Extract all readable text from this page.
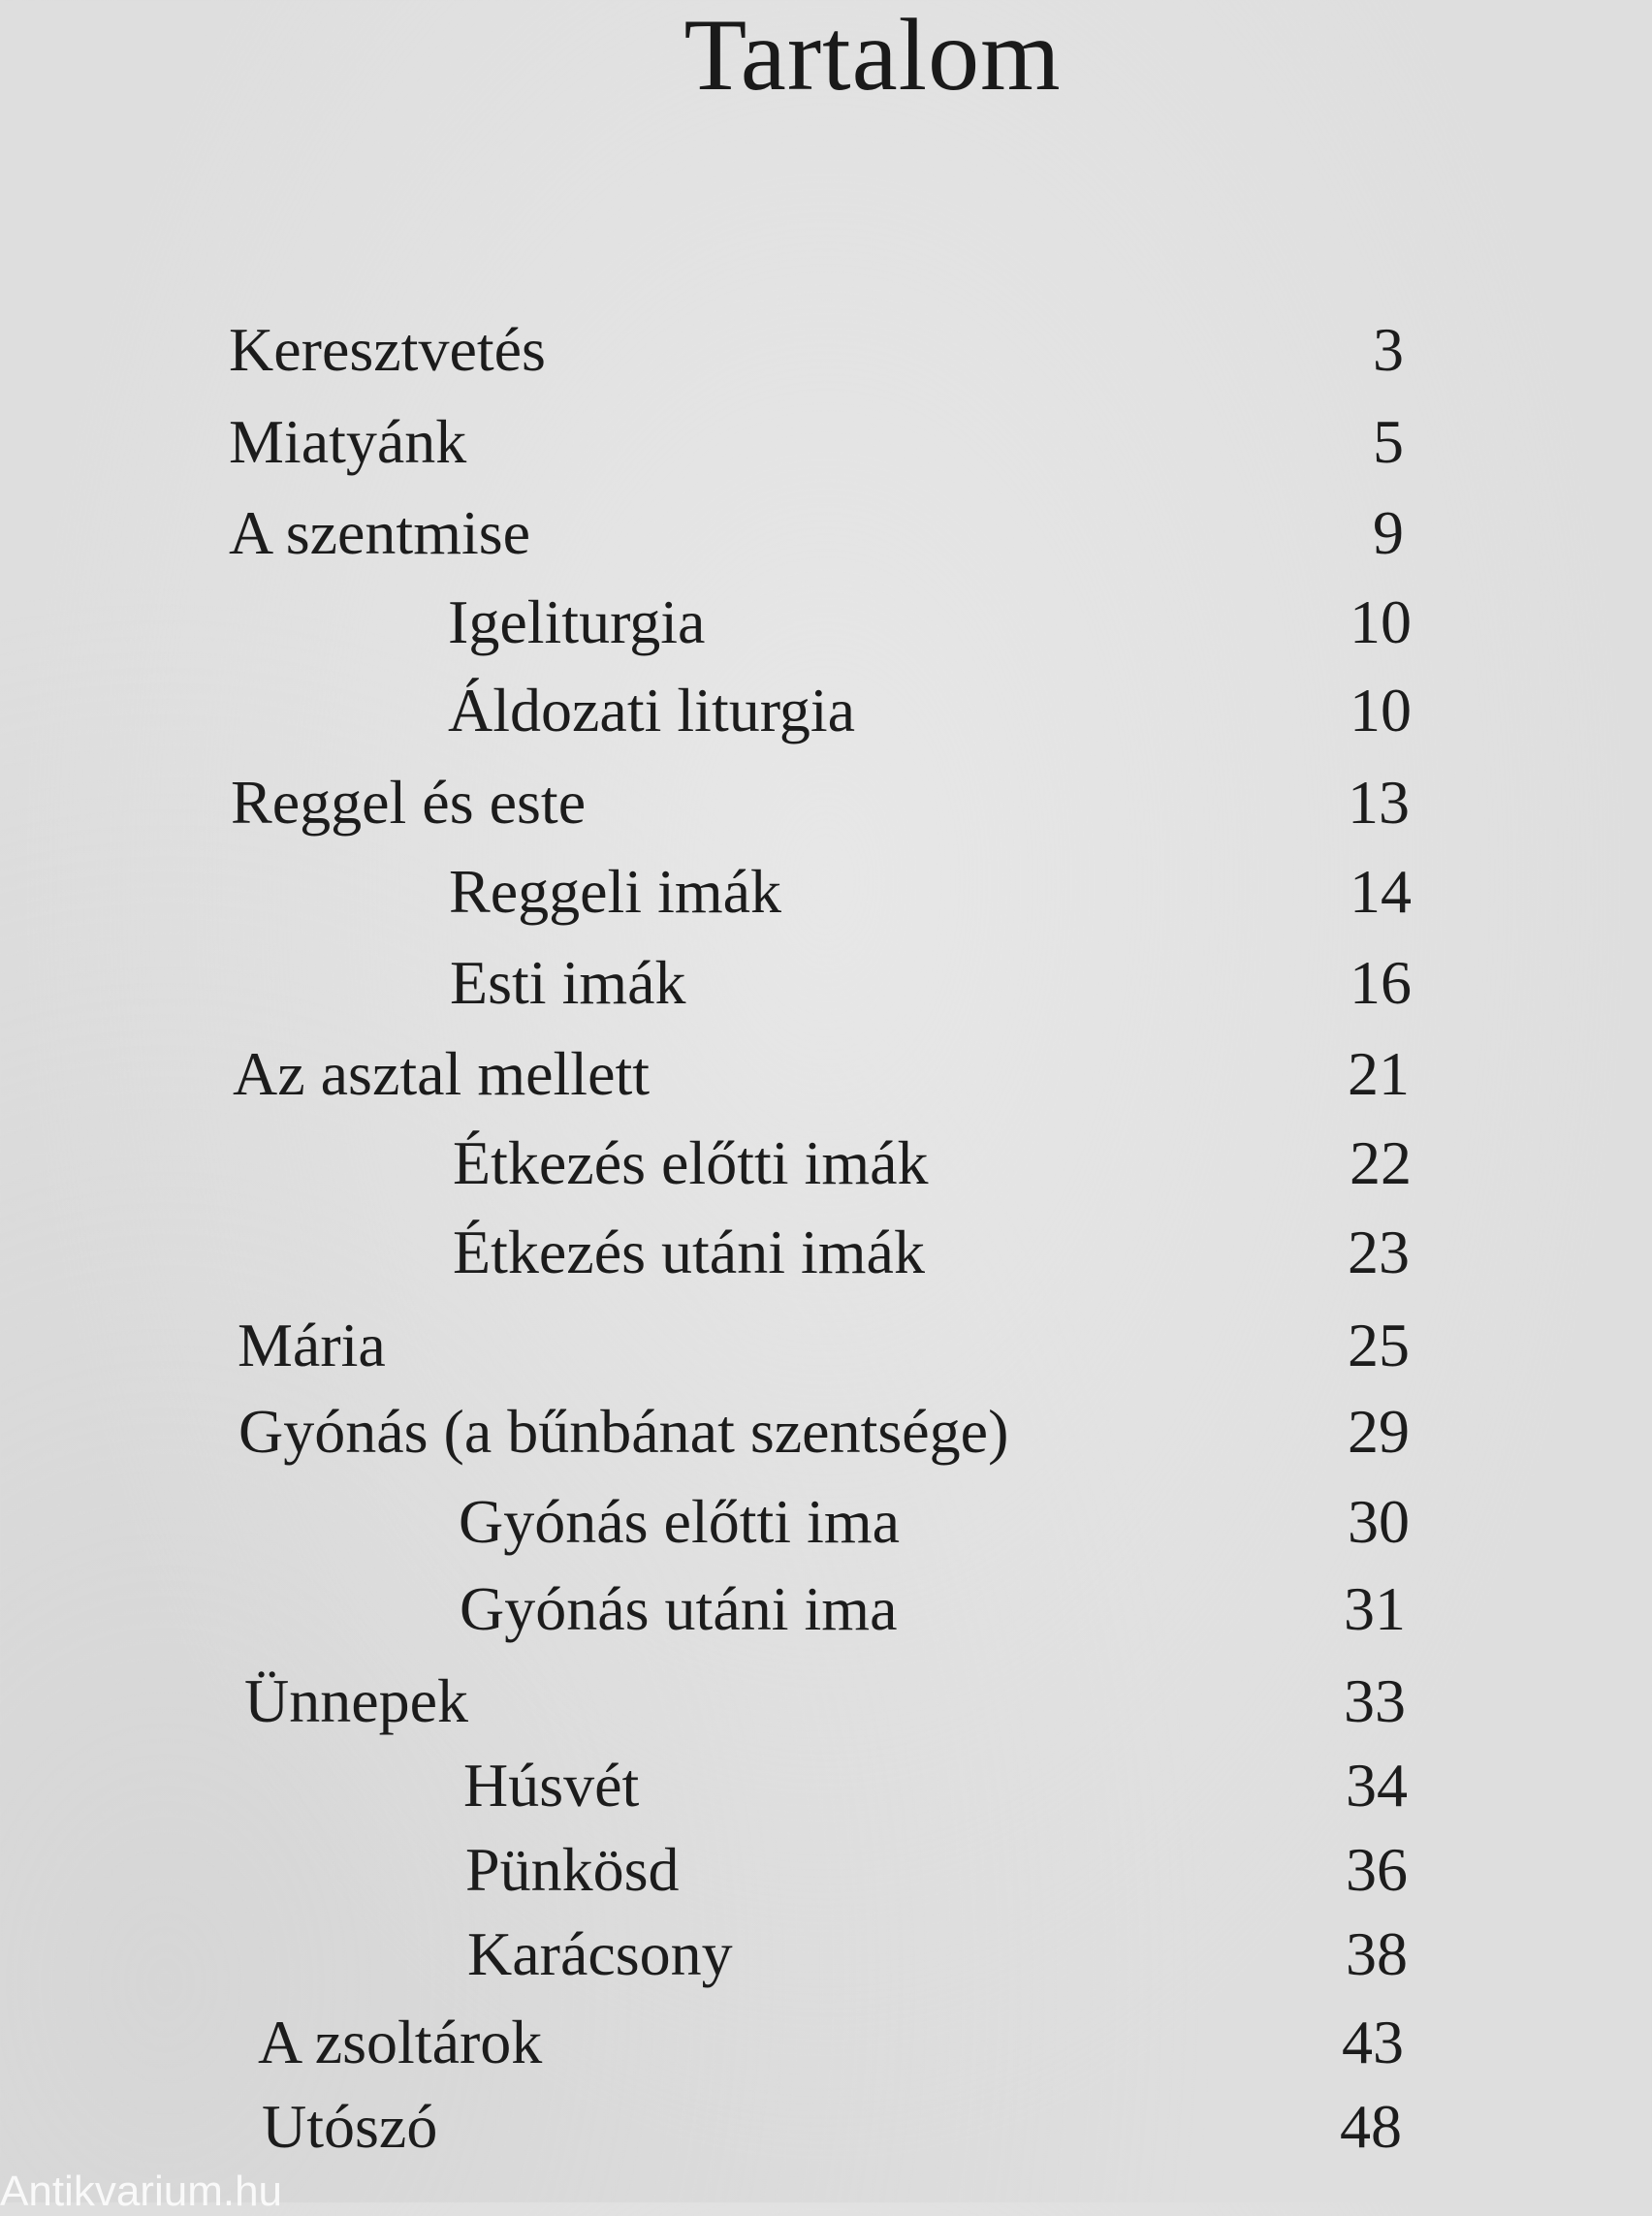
Tartalom
Keresztvetés	3
Miatyánk	5
A szentmise	9
Igeliturgia	10
Áldozati liturgia	10
Reggel és este	13
Reggeli imák	14
Esti imák	16
Az asztal mellett	21
Étkezés előtti imák	22
Étkezés utáni imák	23
Mária	25
Gyónás (a bűnbánat szentsége)	29
Gyónás előtti ima	30
Gyónás utáni ima	31
Ünnepek	33
Húsvét	34
Pünkösd	36
Karácsony	38
A zsoltárok	43
Utószó	48
Antikvarium.hu
